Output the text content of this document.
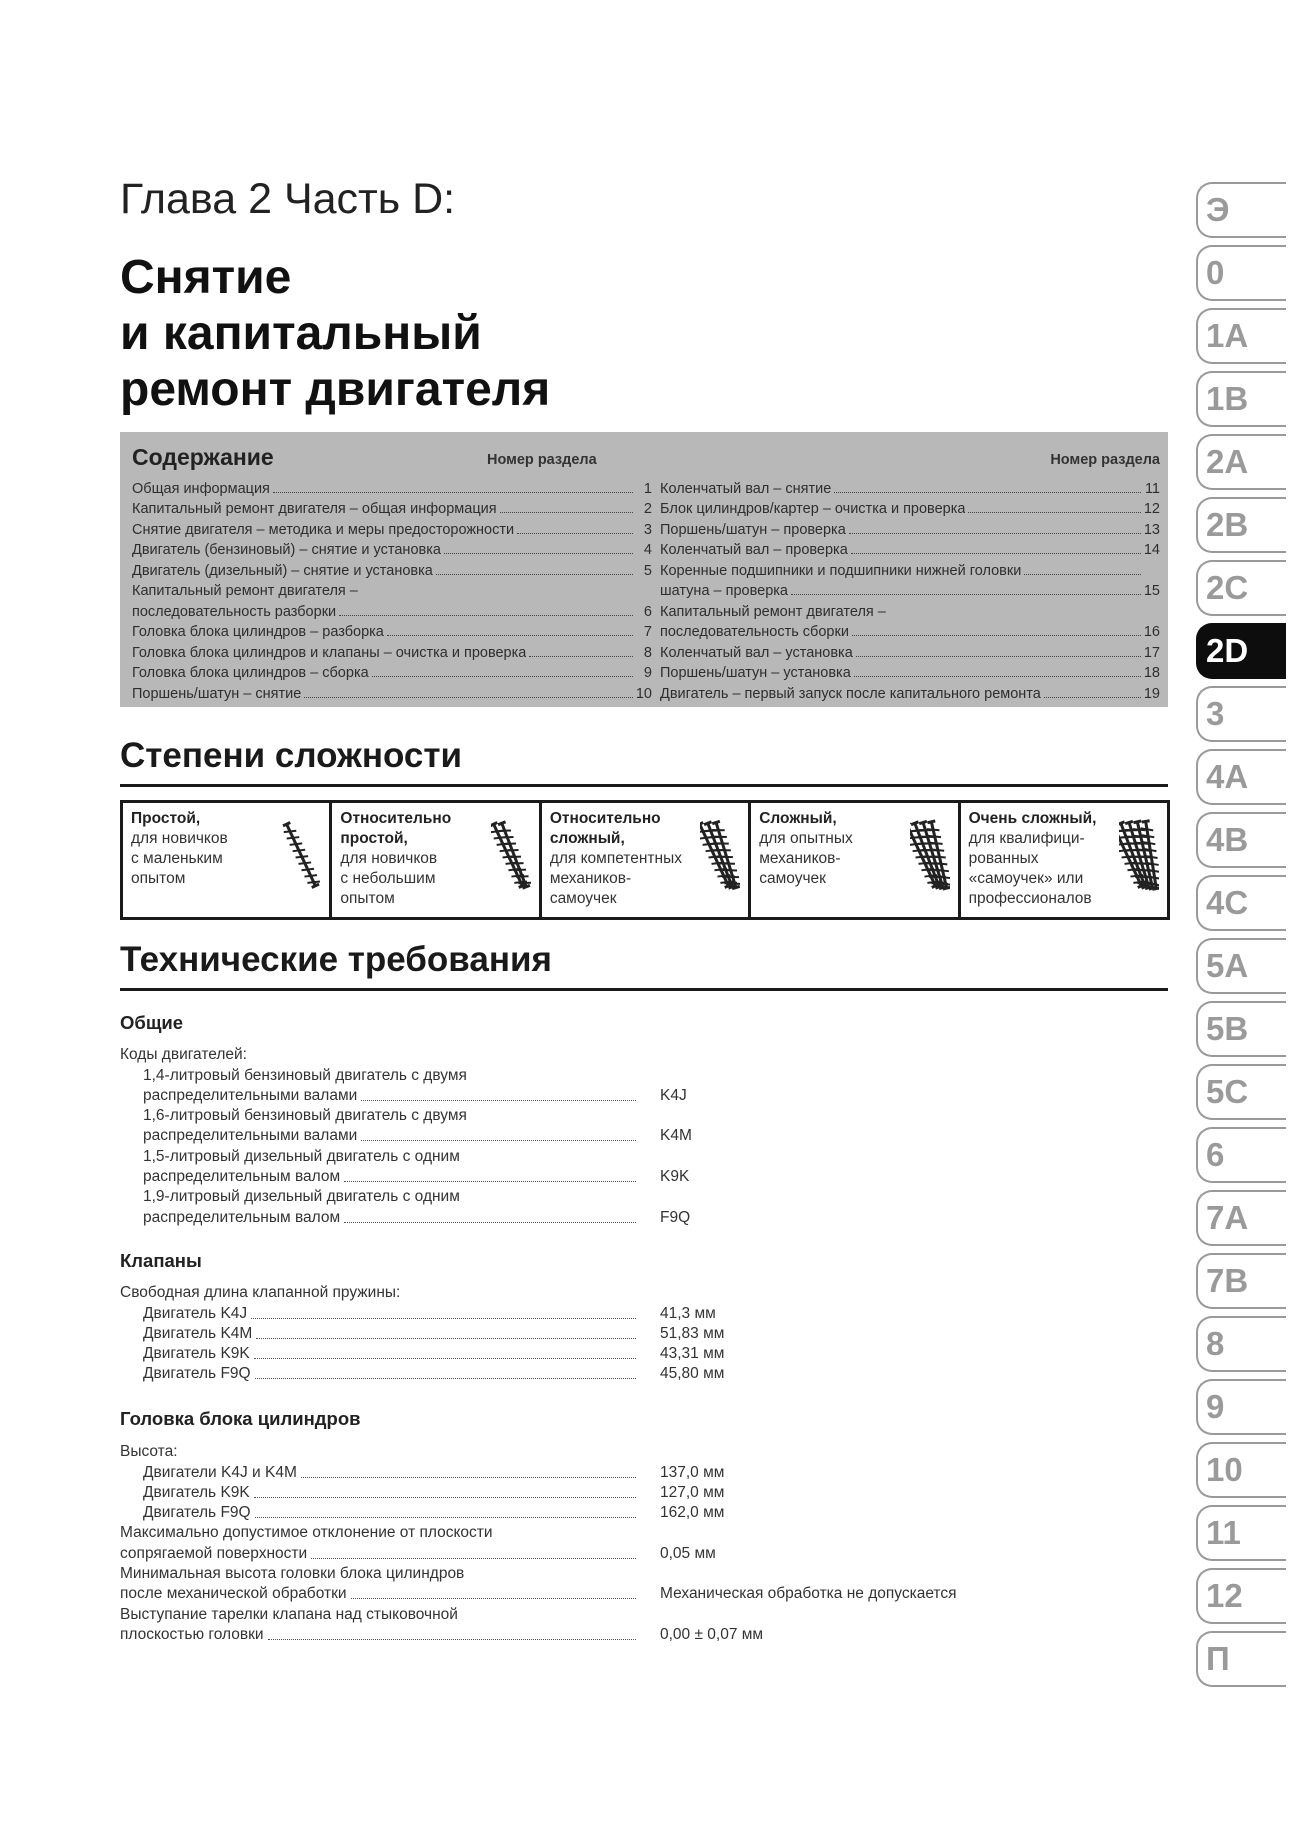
Глава 2 Часть D:
Снятие
и капитальный
ремонт двигателя
Содержание	Номер раздела
Общая информация	1
Капитальный ремонт двигателя – общая информация	2
Снятие двигателя – методика и меры предосторожности	3
Двигатель (бензиновый) – снятие и установка	4
Двигатель (дизельный) – снятие и установка	5
Капитальный ремонт двигателя –
последовательность разборки	6
Головка блока цилиндров – разборка	7
Головка блока цилиндров и клапаны – очистка и проверка	8
Головка блока цилиндров – сборка	9
Поршень/шатун – снятие	10
Номер раздела
Коленчатый вал – снятие	11
Блок цилиндров/картер – очистка и проверка	12
Поршень/шатун – проверка	13
Коленчатый вал – проверка	14
Коренные подшипники и подшипники нижней головки
шатуна – проверка	15
Капитальный ремонт двигателя –
последовательность сборки	16
Коленчатый вал – установка	17
Поршень/шатун – установка	18
Двигатель – первый запуск после капитального ремонта	19
Степени сложности
Простой,
для новичков
с маленьким
опытом
Относительно
простой,
для новичков
с небольшим
опытом
Относительно
сложный,
для компетентных
механиков-
самоучек
Сложный,
для опытных
механиков-
самоучек
Очень сложный,
для квалифици-
рованных
«самоучек» или
профессионалов
Технические требования
Общие
Коды двигателей:
1,4-литровый бензиновый двигатель с двумя
распределительными валами	K4J
1,6-литровый бензиновый двигатель с двумя
распределительными валами	K4M
1,5-литровый дизельный двигатель с одним
распределительным валом	K9K
1,9-литровый дизельный двигатель с одним
распределительным валом	F9Q
Клапаны
Свободная длина клапанной пружины:
Двигатель K4J	41,3 мм
Двигатель K4M	51,83 мм
Двигатель K9K	43,31 мм
Двигатель F9Q	45,80 мм
Головка блока цилиндров
Высота:
Двигатели K4J и K4M	137,0 мм
Двигатель K9K	127,0 мм
Двигатель F9Q	162,0 мм
Максимально допустимое отклонение от плоскости
сопрягаемой поверхности	0,05 мм
Минимальная высота головки блока цилиндров
после механической обработки	Механическая обработка не допускается
Выступание тарелки клапана над стыковочной
плоскостью головки	0,00 ± 0,07 мм
Э
0
1A
1B
2A
2B
2C
2D
3
4A
4B
4C
5A
5B
5C
6
7A
7B
8
9
10
11
12
П
